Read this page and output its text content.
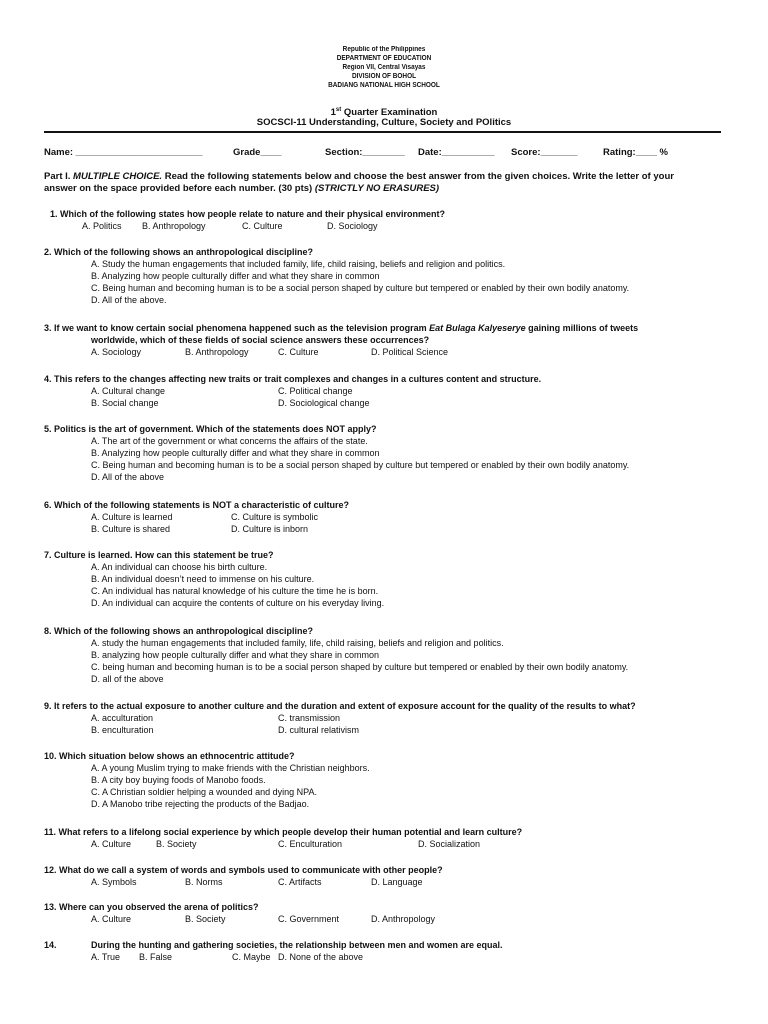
Republic of the Philippines
DEPARTMENT OF EDUCATION
Region VII, Central Visayas
DIVISION OF BOHOL
BADIANG NATIONAL HIGH SCHOOL
1st Quarter Examination
SOCSCI-11 Understanding, Culture, Society and POlitics
Name: ________________________	Grade____	Section:________ Date:__________ Score:_______	Rating:____ %
Part I. MULTIPLE CHOICE. Read the following statements below and choose the best answer from the given choices. Write the letter of your answer on the space provided before each number. (30 pts) (STRICTLY NO ERASURES)
1. Which of the following states how people relate to nature and their physical environment?
A. Politics B. Anthropology	C. Culture	D. Sociology
2. Which of the following shows an anthropological discipline?
A. Study the human engagements that included family, life, child raising, beliefs and religion and politics.
B. Analyzing how people culturally differ and what they share in common
C. Being human and becoming human is to be a social person shaped by culture but tempered or enabled by their own bodily anatomy.
D. All of the above.
3. If we want to know certain social phenomena happened such as the television program Eat Bulaga Kalyeserye gaining millions of tweets
worldwide, which of these fields of social science answers these occurrences?
A. Sociology	B. Anthropology	C. Culture	D. Political Science
4. This refers to the changes affecting new traits or trait complexes and changes in a cultures content and structure.
A. Cultural change	C. Political change
B. Social change	D. Sociological change
5. Politics is the art of government. Which of the statements does NOT apply?
A. The art of the government or what concerns the affairs of the state.
B. Analyzing how people culturally differ and what they share in common
C. Being human and becoming human is to be a social person shaped by culture but tempered or enabled by their own bodily anatomy.
D. All of the above
6. Which of the following statements is NOT a characteristic of culture?
A. Culture is learned	C. Culture is symbolic
B. Culture is shared	D. Culture is inborn
7. Culture is learned. How can this statement be true?
A. An individual can choose his birth culture.
B. An individual doesn’t need to immense on his culture.
C. An individual has natural knowledge of his culture the time he is born.
D. An individual can acquire the contents of culture on his everyday living.
8. Which of the following shows an anthropological discipline?
A. study the human engagements that included family, life, child raising, beliefs and religion and politics.
B. analyzing how people culturally differ and what they share in common
C. being human and becoming human is to be a social person shaped by culture but tempered or enabled by their own bodily anatomy.
D. all of the above
9. It refers to the actual exposure to another culture and the duration and extent of exposure account for the quality of the results to what?
A. acculturation	C. transmission
B. enculturation	D. cultural relativism
10. Which situation below shows an ethnocentric attitude?
A. A young Muslim trying to make friends with the Christian neighbors.
B. A city boy buying foods of Manobo foods.
C. A Christian soldier helping a wounded and dying NPA.
D. A Manobo tribe rejecting the products of the Badjao.
11. What refers to a lifelong social experience by which people develop their human potential and learn culture?
A. Culture	B. Society	C. Enculturation	D. Socialization
12. What do we call a system of words and symbols used to communicate with other people?
A. Symbols	B. Norms	C. Artifacts	D. Language
13. Where can you observed the arena of politics?
A. Culture	B. Society	C. Government	D. Anthropology
14.	During the hunting and gathering societies, the relationship between men and women are equal.
A. True B. False	C. Maybe D. None of the above
